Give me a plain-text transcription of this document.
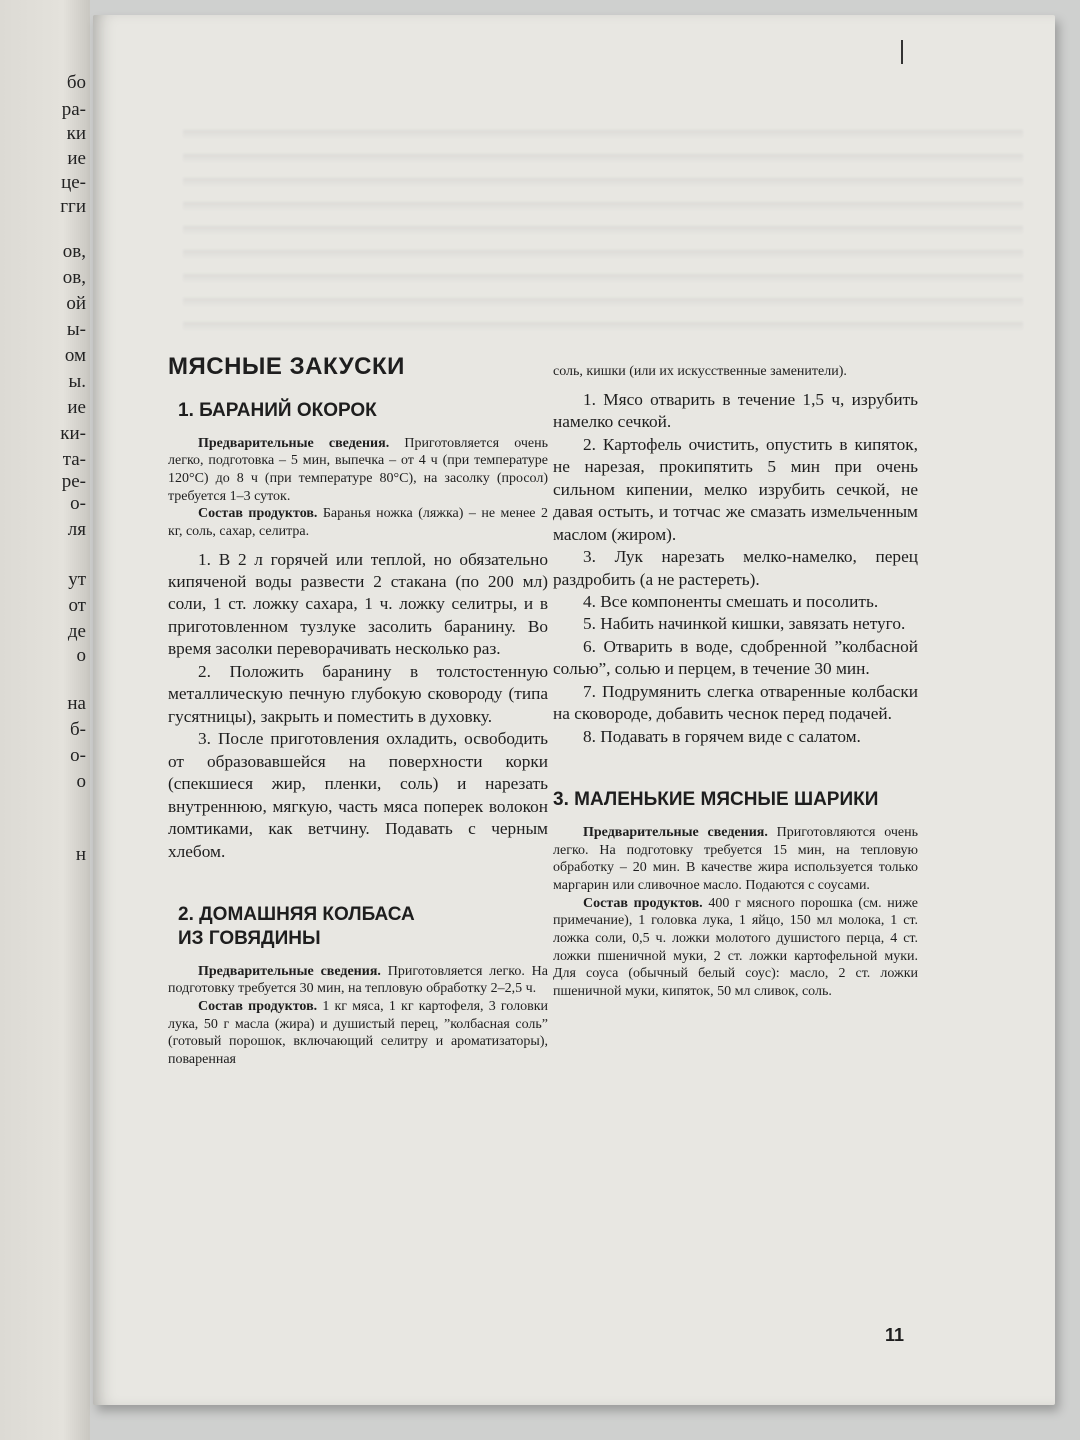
бо

ра-

ки

ие

це-

гги

ов,

ов,

ой

ы-

ом

ы.

ие

ки-

та-

ре-

о-

ля

ут

от

де

о

на

б-

о-

о

н

МЯСНЫЕ ЗАКУСКИ
1. БАРАНИЙ ОКОРОК

Предварительные сведения. Приготовляется очень легко, подготовка – 5 мин, выпечка – от 4 ч (при температуре 120°С) до 8 ч (при температуре 80°С), на засолку (просол) требуется 1–3 суток.

Состав продуктов. Баранья ножка (ляжка) – не менее 2 кг, соль, сахар, селитра.

1. В 2 л горячей или теплой, но обязательно кипяченой воды развести 2 стакана (по 200 мл) соли, 1 ст. ложку сахара, 1 ч. ложку селитры, и в приготовленном тузлуке засолить баранину. Во время засолки переворачивать несколько раз.

2. Положить баранину в толстостенную металлическую печную глубокую сковороду (типа гусятницы), закрыть и поместить в духовку.

3. После приготовления охладить, освободить от образовавшейся на поверхности корки (спекшиеся жир, пленки, соль) и нарезать внутреннюю, мягкую, часть мяса поперек волокон ломтиками, как ветчину. Подавать с черным хлебом.

2. ДОМАШНЯЯ КОЛБАСА
ИЗ ГОВЯДИНЫ

Предварительные сведения. Приготовляется легко. На подготовку требуется 30 мин, на тепловую обработку 2–2,5 ч.

Состав продуктов. 1 кг мяса, 1 кг картофеля, 3 головки лука, 50 г масла (жира) и душистый перец, ”колбасная соль” (готовый порошок, включающий селитру и ароматизаторы), поваренная

соль, кишки (или их искусственные заменители).

1. Мясо отварить в течение 1,5 ч, изрубить намелко сечкой.

2. Картофель очистить, опустить в кипяток, не нарезая, прокипятить 5 мин при очень сильном кипении, мелко изрубить сечкой, не давая остыть, и тотчас же смазать измельченным маслом (жиром).

3. Лук нарезать мелко-намелко, перец раздробить (а не растереть).

4. Все компоненты смешать и посолить.

5. Набить начинкой кишки, завязать нетуго.

6. Отварить в воде, сдобренной ”колбасной солью”, солью и перцем, в течение 30 мин.

7. Подрумянить слегка отваренные колбаски на сковороде, добавить чеснок перед подачей.

8. Подавать в горячем виде с салатом.

3. МАЛЕНЬКИЕ МЯСНЫЕ ШАРИКИ

Предварительные сведения. Приготовляются очень легко. На подготовку требуется 15 мин, на тепловую обработку – 20 мин. В качестве жира используется только маргарин или сливочное масло. Подаются с соусами.

Состав продуктов. 400 г мясного порошка (см. ниже примечание), 1 головка лука, 1 яйцо, 150 мл молока, 1 ст. ложка соли, 0,5 ч. ложки молотого душистого перца, 4 ст. ложки пшеничной муки, 2 ст. ложки картофельной муки. Для соуса (обычный белый соус): масло, 2 ст. ложки пшеничной муки, кипяток, 50 мл сливок, соль.

11
